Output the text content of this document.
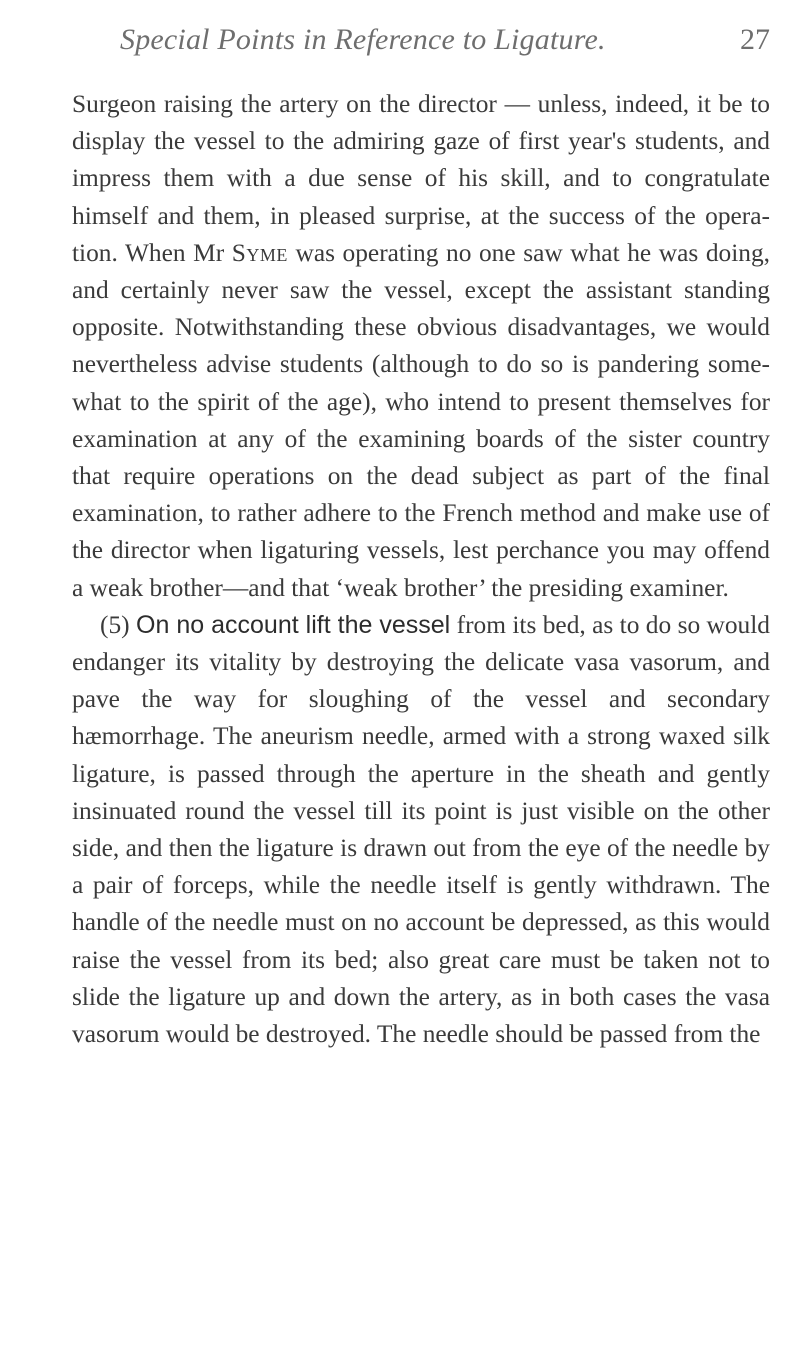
Special Points in Reference to Ligature.	27

Surgeon raising the artery on the director — unless, indeed, it be to display the vessel to the admiring gaze of first year's students, and impress them with a due sense of his skill, and to congratulate himself and them, in pleased surprise, at the success of the operation. When Mr Syme was operating no one saw what he was doing, and certainly never saw the vessel, except the assistant standing opposite. Notwithstanding these obvious disadvantages, we would nevertheless advise students (although to do so is pandering somewhat to the spirit of the age), who intend to present themselves for examination at any of the examining boards of the sister country that require operations on the dead subject as part of the final examination, to rather adhere to the French method and make use of the director when ligaturing vessels, lest perchance you may offend a weak brother—and that ‘weak brother’ the presiding examiner.

(5) On no account lift the vessel from its bed, as to do so would endanger its vitality by destroying the delicate vasa vasorum, and pave the way for sloughing of the vessel and secondary hæmorrhage. The aneurism needle, armed with a strong waxed silk ligature, is passed through the aperture in the sheath and gently insinuated round the vessel till its point is just visible on the other side, and then the ligature is drawn out from the eye of the needle by a pair of forceps, while the needle itself is gently withdrawn. The handle of the needle must on no account be depressed, as this would raise the vessel from its bed; also great care must be taken not to slide the ligature up and down the artery, as in both cases the vasa vasorum would be destroyed. The needle should be passed from the
